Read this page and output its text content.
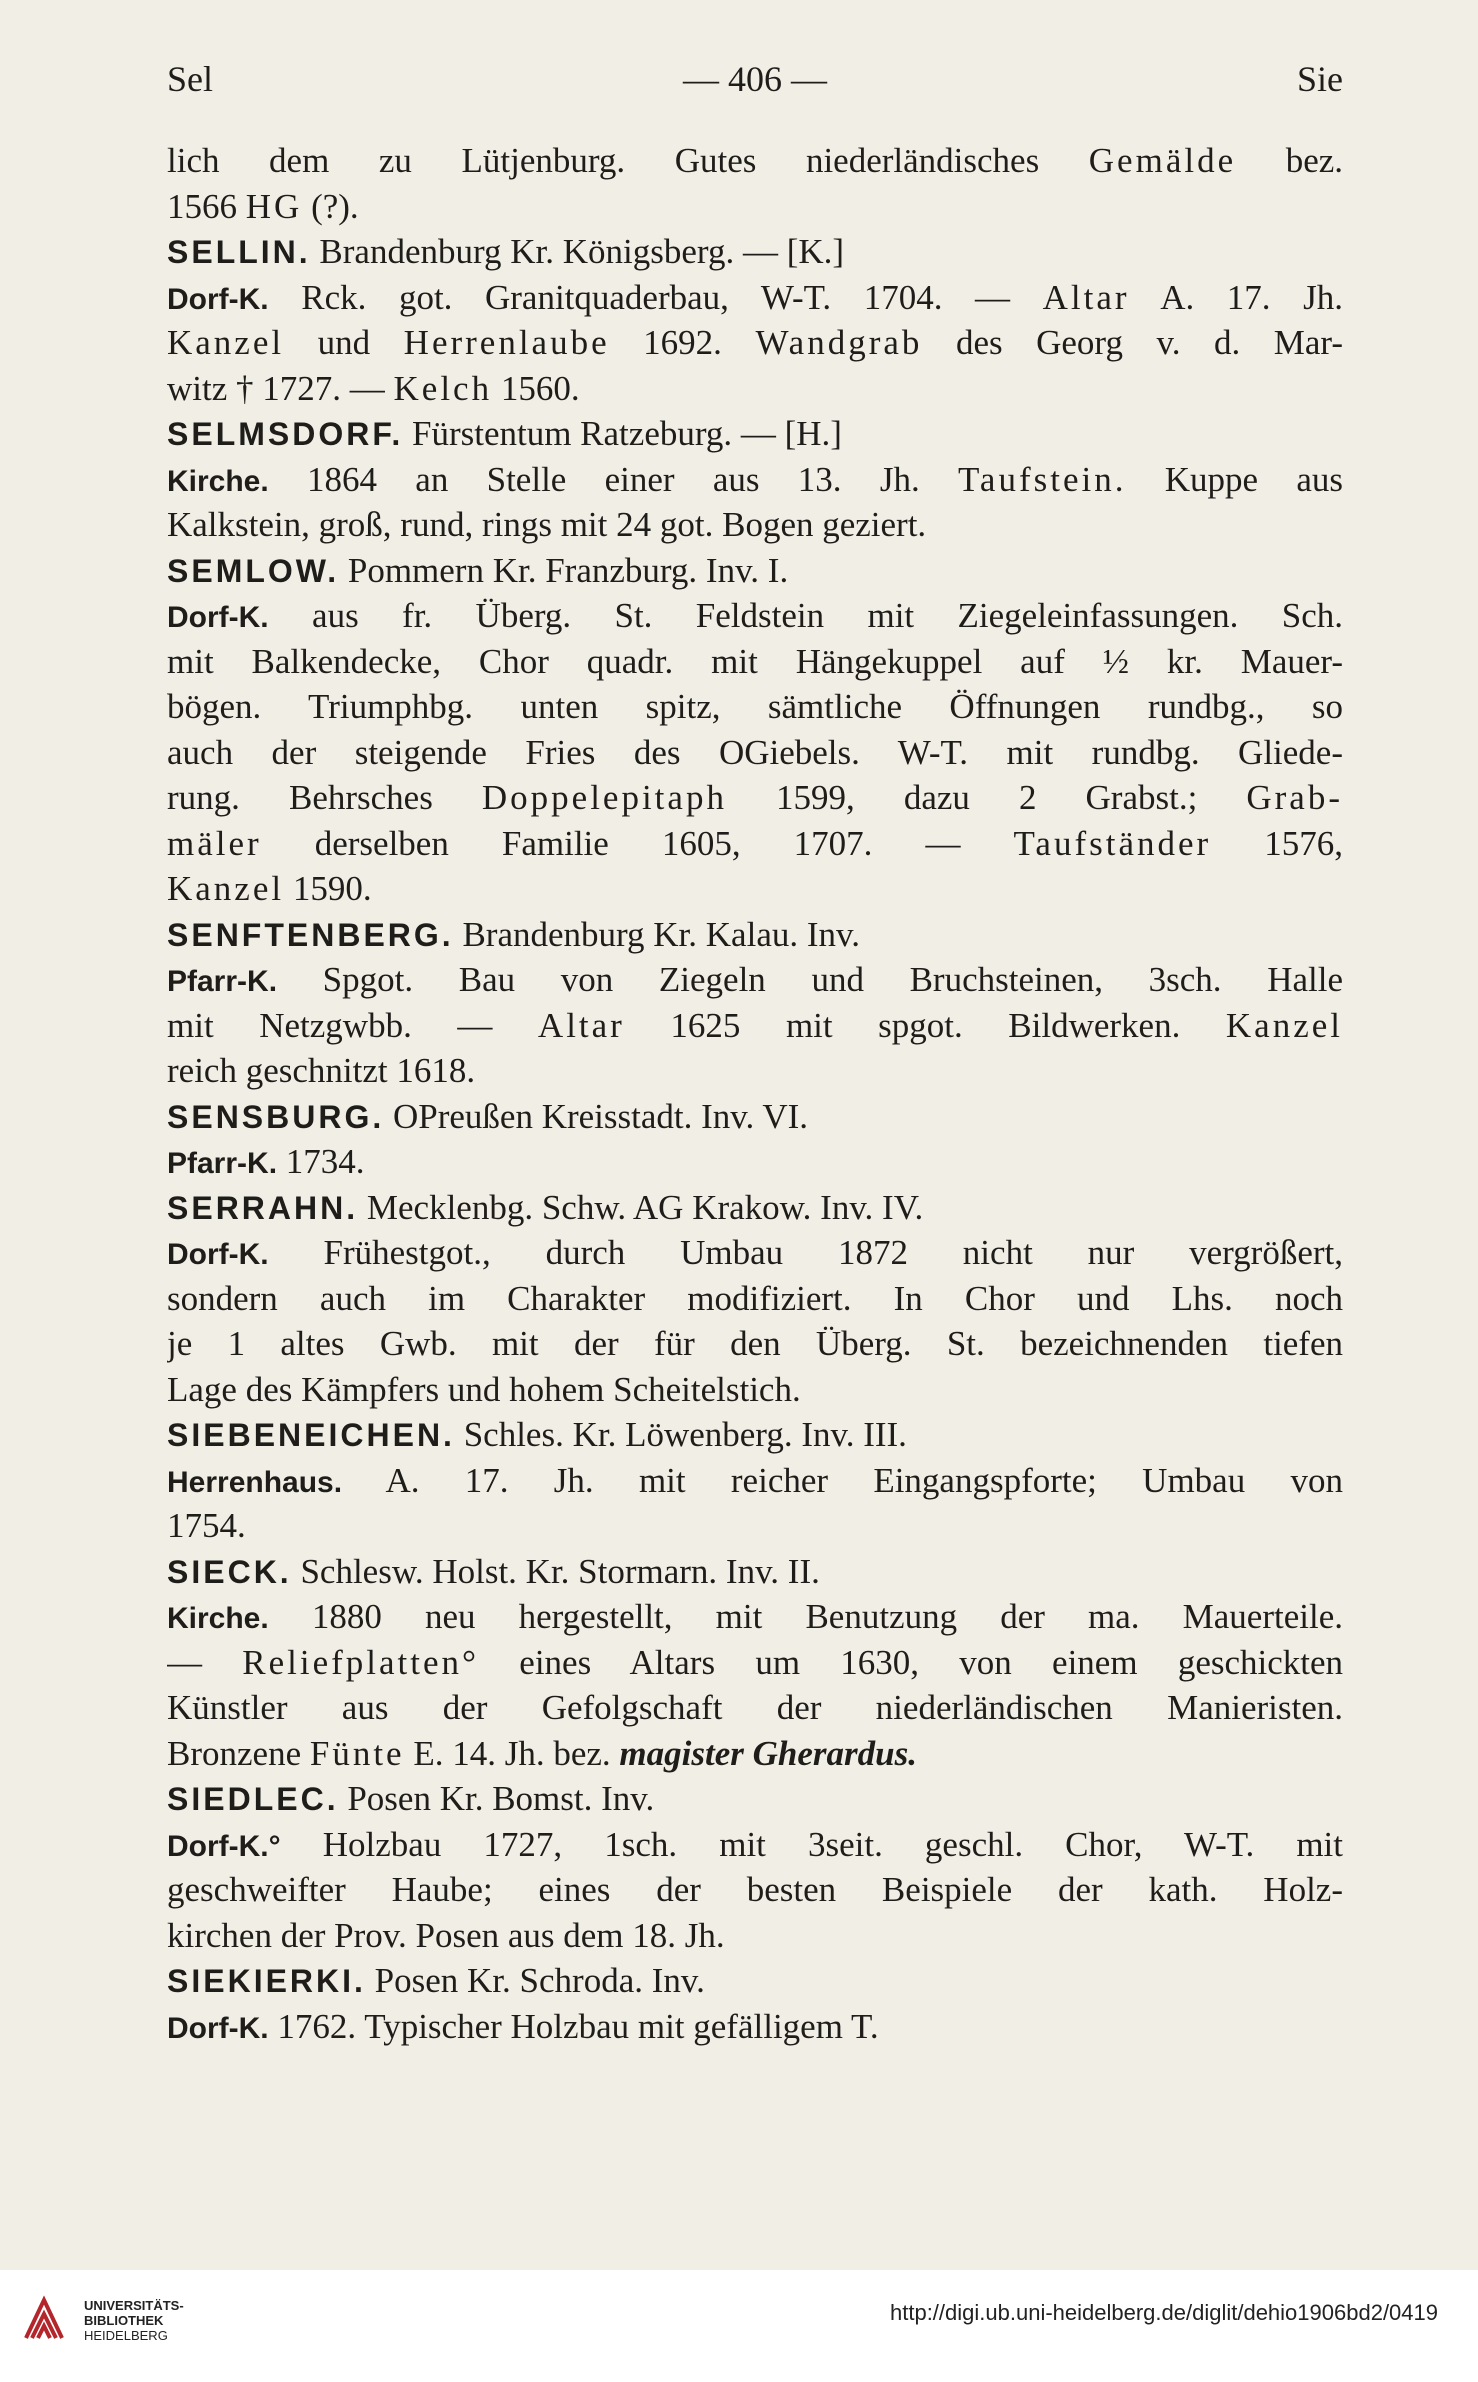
Sel	— 406 —	Sie
lich dem zu Lütjenburg. Gutes niederländisches Gemälde bez.
1566 HG (?).
SELLIN. Brandenburg Kr. Königsberg. — [K.]
Dorf-K. Rck. got. Granitquaderbau, W-T. 1704. — Altar A. 17. Jh.
Kanzel und Herrenlaube 1692. Wandgrab des Georg v. d. Mar-
witz † 1727. — Kelch 1560.
SELMSDORF. Fürstentum Ratzeburg. — [H.]
Kirche. 1864 an Stelle einer aus 13. Jh. Taufstein. Kuppe aus
Kalkstein, groß, rund, rings mit 24 got. Bogen geziert.
SEMLOW. Pommern Kr. Franzburg. Inv. I.
Dorf-K. aus fr. Überg. St. Feldstein mit Ziegeleinfassungen. Sch.
mit Balkendecke, Chor quadr. mit Hängekuppel auf ½ kr. Mauer-
bögen. Triumphbg. unten spitz, sämtliche Öffnungen rundbg., so
auch der steigende Fries des OGiebels. W-T. mit rundbg. Gliede-
rung. Behrsches Doppelepitaph 1599, dazu 2 Grabst.; Grab-
mäler derselben Familie 1605, 1707. — Taufständer 1576,
Kanzel 1590.
SENFTENBERG. Brandenburg Kr. Kalau. Inv.
Pfarr-K. Spgot. Bau von Ziegeln und Bruchsteinen, 3sch. Halle
mit Netzgwbb. — Altar 1625 mit spgot. Bildwerken. Kanzel
reich geschnitzt 1618.
SENSBURG. OPreußen Kreisstadt. Inv. VI.
Pfarr-K. 1734.
SERRAHN. Mecklenbg. Schw. AG Krakow. Inv. IV.
Dorf-K. Frühestgot., durch Umbau 1872 nicht nur vergrößert,
sondern auch im Charakter modifiziert. In Chor und Lhs. noch
je 1 altes Gwb. mit der für den Überg. St. bezeichnenden tiefen
Lage des Kämpfers und hohem Scheitelstich.
SIEBENEICHEN. Schles. Kr. Löwenberg. Inv. III.
Herrenhaus. A. 17. Jh. mit reicher Eingangspforte; Umbau von
1754.
SIECK. Schlesw. Holst. Kr. Stormarn. Inv. II.
Kirche. 1880 neu hergestellt, mit Benutzung der ma. Mauerteile.
— Reliefplatten° eines Altars um 1630, von einem geschickten
Künstler aus der Gefolgschaft der niederländischen Manieristen.
Bronzene Fünte E. 14. Jh. bez. magister Gherardus.
SIEDLEC. Posen Kr. Bomst. Inv.
Dorf-K.° Holzbau 1727, 1sch. mit 3seit. geschl. Chor, W-T. mit
geschweifter Haube; eines der besten Beispiele der kath. Holz-
kirchen der Prov. Posen aus dem 18. Jh.
SIEKIERKI. Posen Kr. Schroda. Inv.
Dorf-K. 1762. Typischer Holzbau mit gefälligem T.
UNIVERSITÄTS-
BIBLIOTHEK
HEIDELBERG
http://digi.ub.uni-heidelberg.de/diglit/dehio1906bd2/0419
